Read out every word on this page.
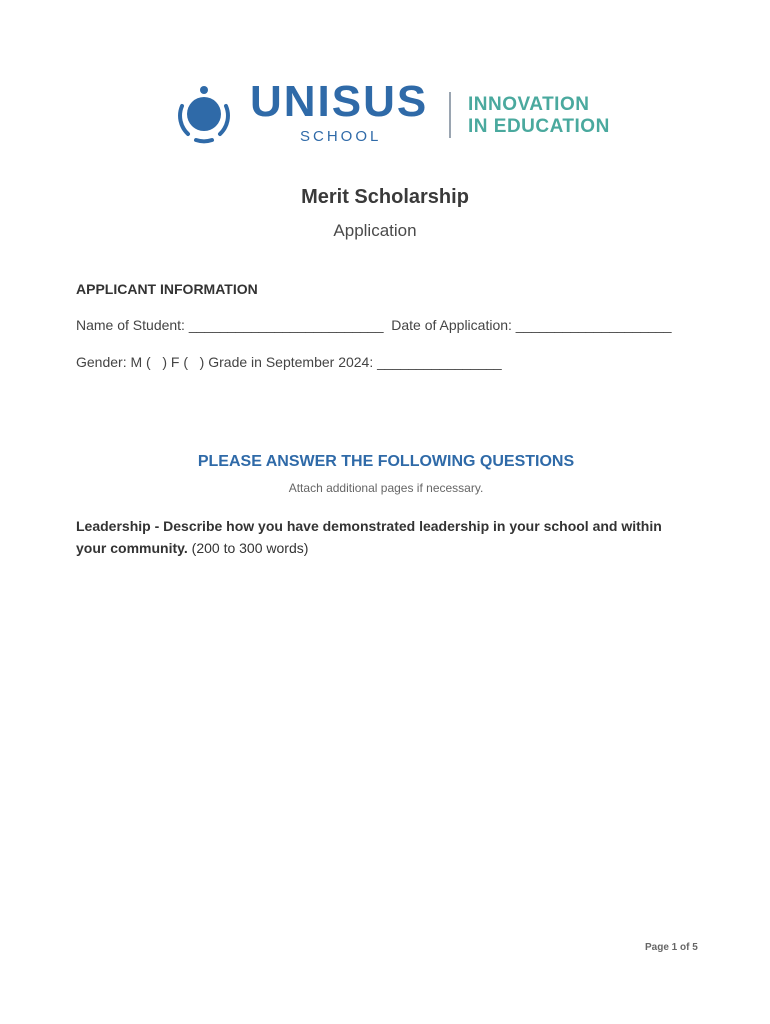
UNISUS
SCHOOL
INNOVATION
IN EDUCATION
Merit Scholarship
Application
APPLICANT INFORMATION
Name of Student: _________________________  Date of Application: ____________________
Gender: M (   ) F (   ) Grade in September 2024: ________________
PLEASE ANSWER THE FOLLOWING QUESTIONS
Attach additional pages if necessary.
Leadership - Describe how you have demonstrated leadership in your school and within your community. (200 to 300 words)
Page 1 of 5
